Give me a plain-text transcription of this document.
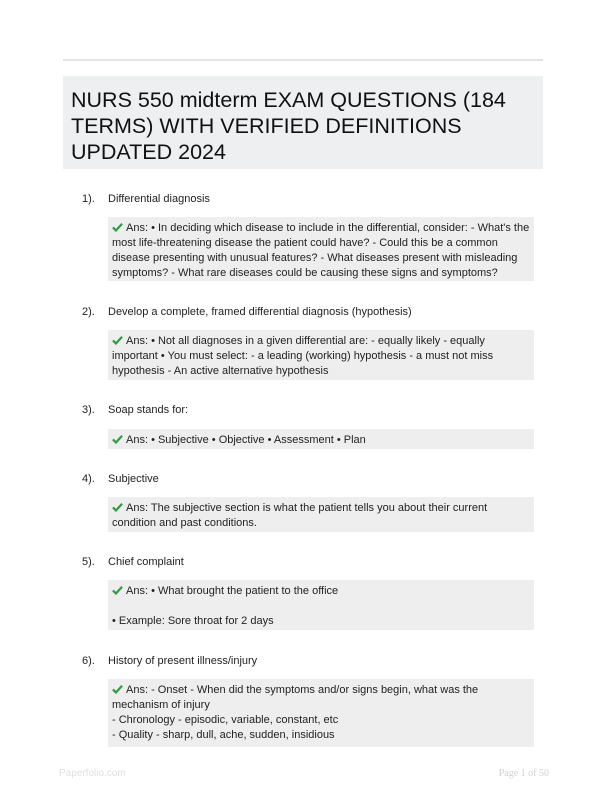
NURS 550 midterm EXAM QUESTIONS (184 TERMS) WITH VERIFIED DEFINITIONS UPDATED 2024
1). Differential diagnosis

Ans: • In deciding which disease to include in the differential, consider: - What's the most life-threatening disease the patient could have? - Could this be a common disease presenting with unusual features? - What diseases present with misleading symptoms? - What rare diseases could be causing these signs and symptoms?

2). Develop a complete, framed differential diagnosis (hypothesis)

Ans: • Not all diagnoses in a given differential are: - equally likely - equally important • You must select: - a leading (working) hypothesis - a must not miss hypothesis - An active alternative hypothesis

3). Soap stands for:

Ans: • Subjective • Objective • Assessment • Plan

4). Subjective

Ans: The subjective section is what the patient tells you about their current condition and past conditions.

5). Chief complaint

Ans: • What brought the patient to the office

• Example: Sore throat for 2 days

6). History of present illness/injury

Ans: - Onset - When did the symptoms and/or signs begin, what was the mechanism of injury

- Chronology - episodic, variable, constant, etc

- Quality - sharp, dull, ache, sudden, insidious

Paperfolio.com	Page 1 of 50
